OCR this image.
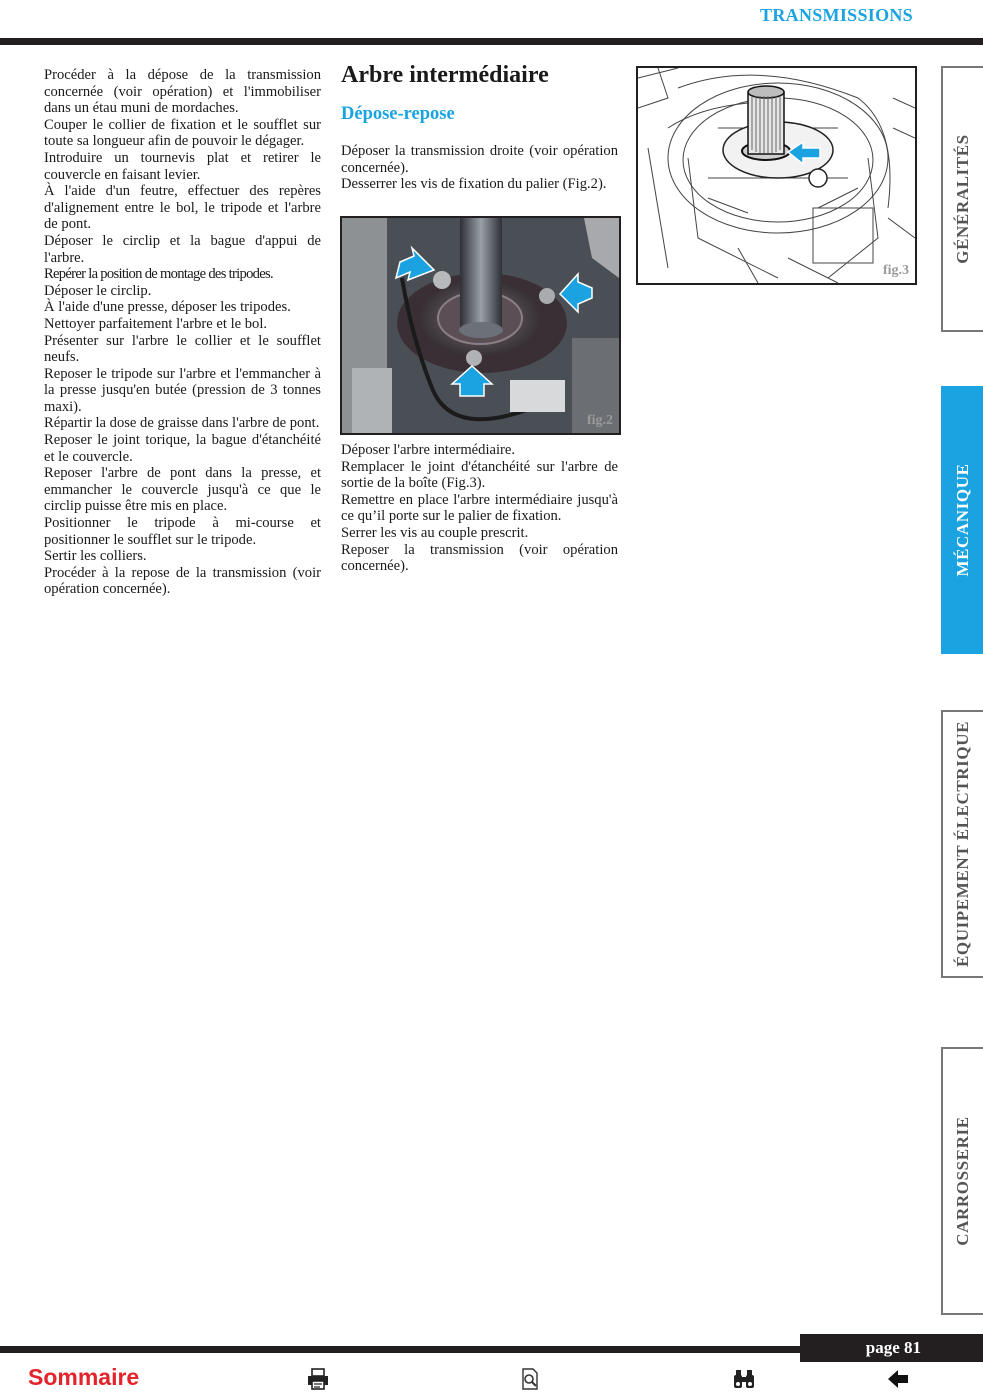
TRANSMISSIONS

Procéder à la dépose de la transmission concernée (voir opération) et l'immobiliser dans un étau muni de mordaches.

Couper le collier de fixation et le soufflet sur toute sa longueur afin de pouvoir le dégager.

Introduire un tournevis plat et retirer le couvercle en faisant levier.

À l'aide d'un feutre, effectuer des repères d'alignement entre le bol, le tripode et l'arbre de pont.

Déposer le circlip et la bague d'appui de l'arbre.

Repérer la position de montage des tripodes.

Déposer le circlip.

À l'aide d'une presse, déposer les tripodes.

Nettoyer parfaitement l'arbre et le bol.

Présenter sur l'arbre le collier et le soufflet neufs.

Reposer le tripode sur l'arbre et l'emmancher à la presse jusqu'en butée (pression de 3 tonnes maxi).

Répartir la dose de graisse dans l'arbre de pont.

Reposer le joint torique, la bague d'étanchéité et le couvercle.

Reposer l'arbre de pont dans la presse, et emmancher le couvercle jusqu'à ce que le circlip puisse être mis en place.

Positionner le tripode à mi-course et positionner le soufflet sur le tripode.

Sertir les colliers.

Procéder à la repose de la transmission (voir opération concernée).

Arbre intermédiaire
Dépose-repose

Déposer la transmission droite (voir opération concernée).

Desserrer les vis de fixation du palier (Fig.2).

fig.2

Déposer l'arbre intermédiaire.

Remplacer le joint d'étanchéité sur l'arbre de sortie de la boîte (Fig.3).

Remettre en place l'arbre intermédiaire jusqu'à ce qu’il porte sur le palier de fixation.

Serrer les vis au couple prescrit.

Reposer la transmission (voir opération concernée).

fig.3
GÉNÉRALITÉS
MÉCANIQUE
ÉQUIPEMENT ÉLECTRIQUE
CARROSSERIE
page 81
Sommaire
